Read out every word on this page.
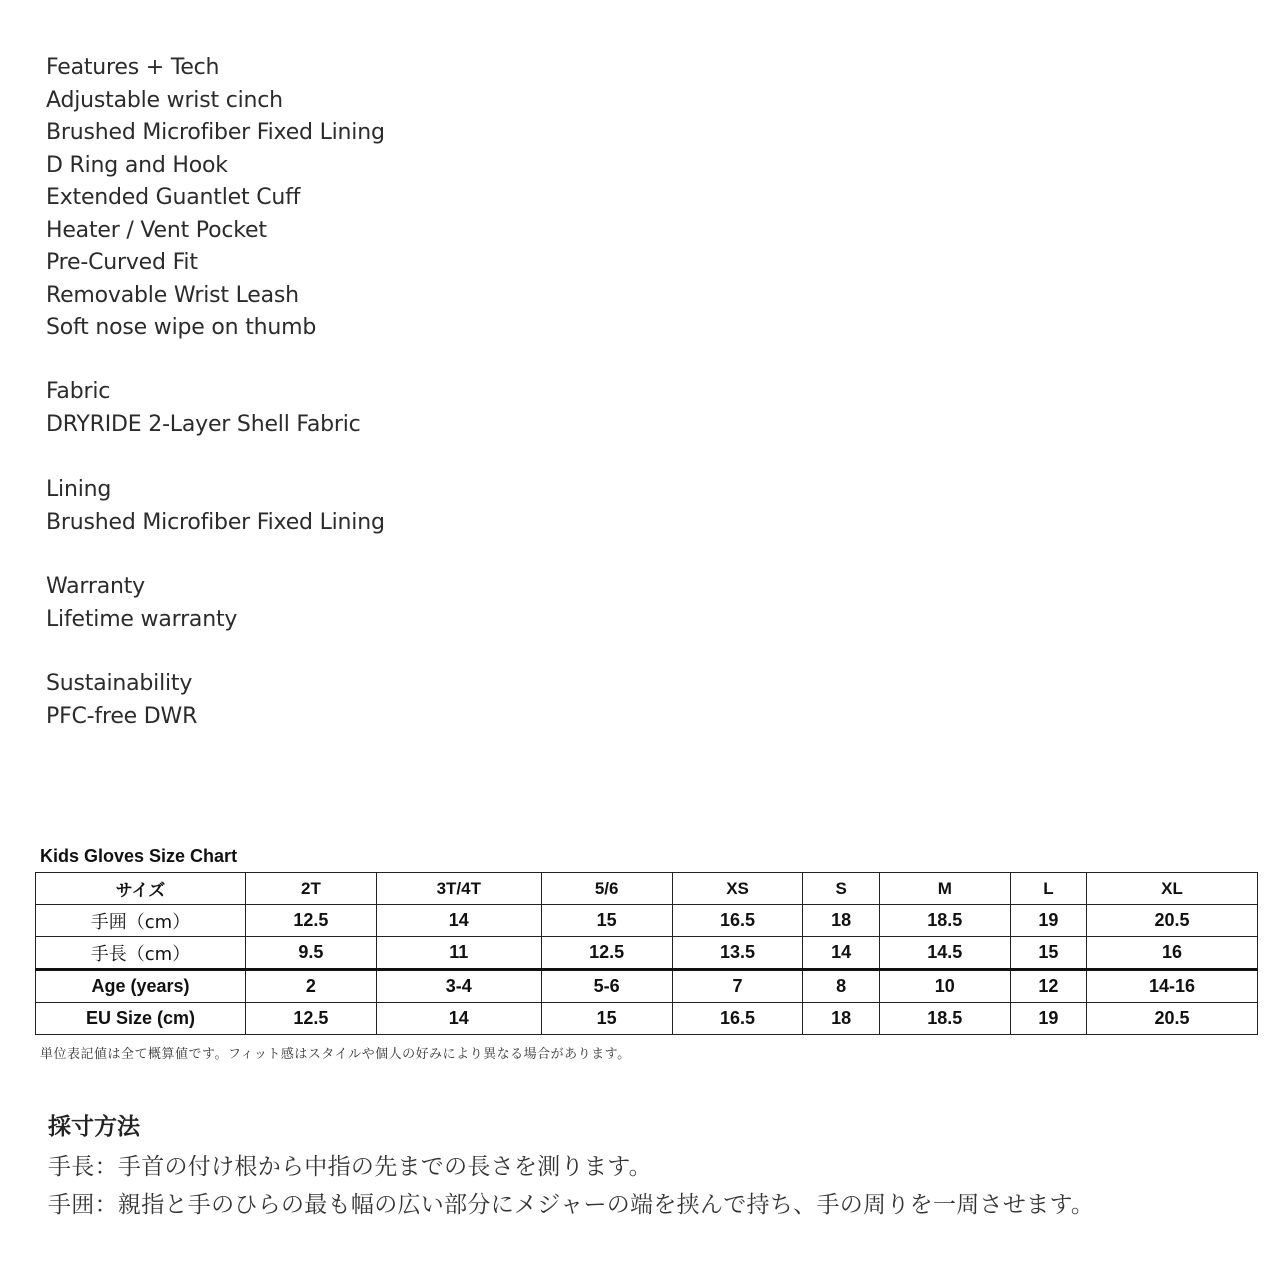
Features + Tech
Adjustable wrist cinch
Brushed Microfiber Fixed Lining
D Ring and Hook
Extended Guantlet Cuff
Heater / Vent Pocket
Pre-Curved Fit
Removable Wrist Leash
Soft nose wipe on thumb
Fabric
DRYRIDE 2-Layer Shell Fabric
Lining
Brushed Microfiber Fixed Lining
Warranty
Lifetime warranty
Sustainability
PFC-free DWR
Kids Gloves Size Chart
サイズ	2T	3T/4T	5/6	XS	S	M	L	XL
手囲（cm）	12.5	14	15	16.5	18	18.5	19	20.5
手長（cm）	9.5	11	12.5	13.5	14	14.5	15	16
Age (years)	2	3-4	5-6	7	8	10	12	14-16
EU Size (cm)	12.5	14	15	16.5	18	18.5	19	20.5
単位表記値は全て概算値です。フィット感はスタイルや個人の好みにより異なる場合があります。
採寸方法
手長：手首の付け根から中指の先までの長さを測ります。
手囲：親指と手のひらの最も幅の広い部分にメジャーの端を挟んで持ち、手の周りを一周させます。
